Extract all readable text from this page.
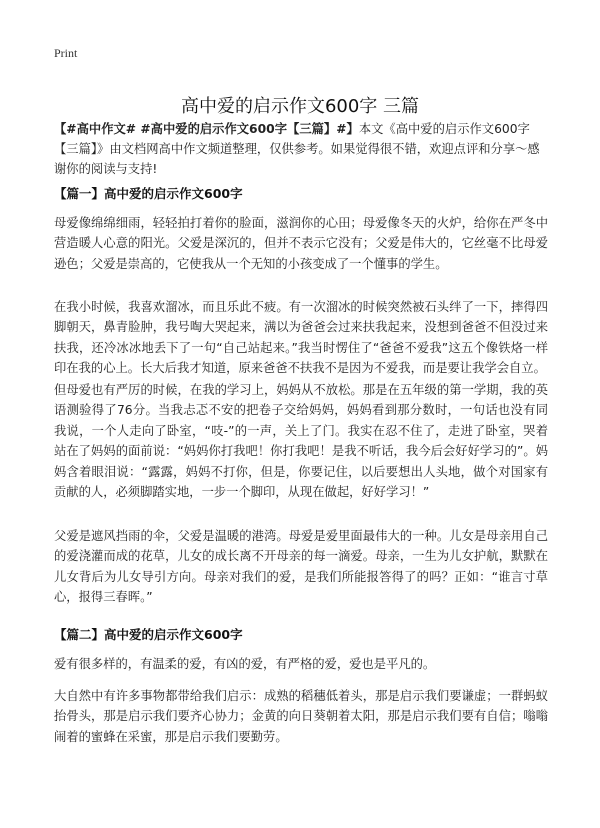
Print
高中爱的启示作文600字 三篇
【#高中作文# #高中爱的启示作文600字【三篇】#】本文《高中爱的启示作文600字【三篇】》由文档网高中作文频道整理，仅供参考。如果觉得很不错，欢迎点评和分享～感谢你的阅读与支持!
【篇一】高中爱的启示作文600字

母爱像绵绵细雨，轻轻拍打着你的脸面，滋润你的心田；母爱像冬天的火炉，给你在严冬中营造暖人心意的阳光。父爱是深沉的，但并不表示它没有；父爱是伟大的，它丝毫不比母爱逊色；父爱是崇高的，它使我从一个无知的小孩变成了一个懂事的学生。

在我小时候，我喜欢溜冰，而且乐此不疲。有一次溜冰的时候突然被石头绊了一下，摔得四脚朝天，鼻青脸肿，我号啕大哭起来，满以为爸爸会过来扶我起来，没想到爸爸不但没过来扶我，还冷冰冰地丢下了一句“自己站起来。”我当时愣住了“爸爸不爱我”这五个像铁烙一样印在我的心上。长大后我才知道，原来爸爸不扶我不是因为不爱我，而是要让我学会自立。

但母爱也有严厉的时候，在我的学习上，妈妈从不放松。那是在五年级的第一学期，我的英语测验得了76分。当我忐忑不安的把卷子交给妈妈，妈妈看到那分数时，一句话也没有同我说，一个人走向了卧室，“吱-”的一声，关上了门。我实在忍不住了，走进了卧室，哭着站在了妈妈的面前说：“妈妈你打我吧！你打我吧！是我不听话，我今后会好好学习的”。妈妈含着眼泪说：“露露，妈妈不打你，但是，你要记住，以后要想出人头地，做个对国家有贡献的人，必须脚踏实地，一步一个脚印，从现在做起，好好学习！”

父爱是遮风挡雨的伞，父爱是温暖的港湾。母爱是爱里面最伟大的一种。儿女是母亲用自己的爱浇灌而成的花草，儿女的成长离不开母亲的每一滴爱。母亲，一生为儿女护航，默默在儿女背后为儿女导引方向。母亲对我们的爱，是我们所能报答得了的吗？正如：“谁言寸草心，报得三春晖。”

【篇二】高中爱的启示作文600字

爱有很多样的，有温柔的爱，有凶的爱，有严格的爱，爱也是平凡的。

大自然中有许多事物都带给我们启示：成熟的稻穗低着头，那是启示我们要谦虚；一群蚂蚁抬骨头，那是启示我们要齐心协力；金黄的向日葵朝着太阳，那是启示我们要有自信；嗡嗡闹着的蜜蜂在采蜜，那是启示我们要勤劳。
